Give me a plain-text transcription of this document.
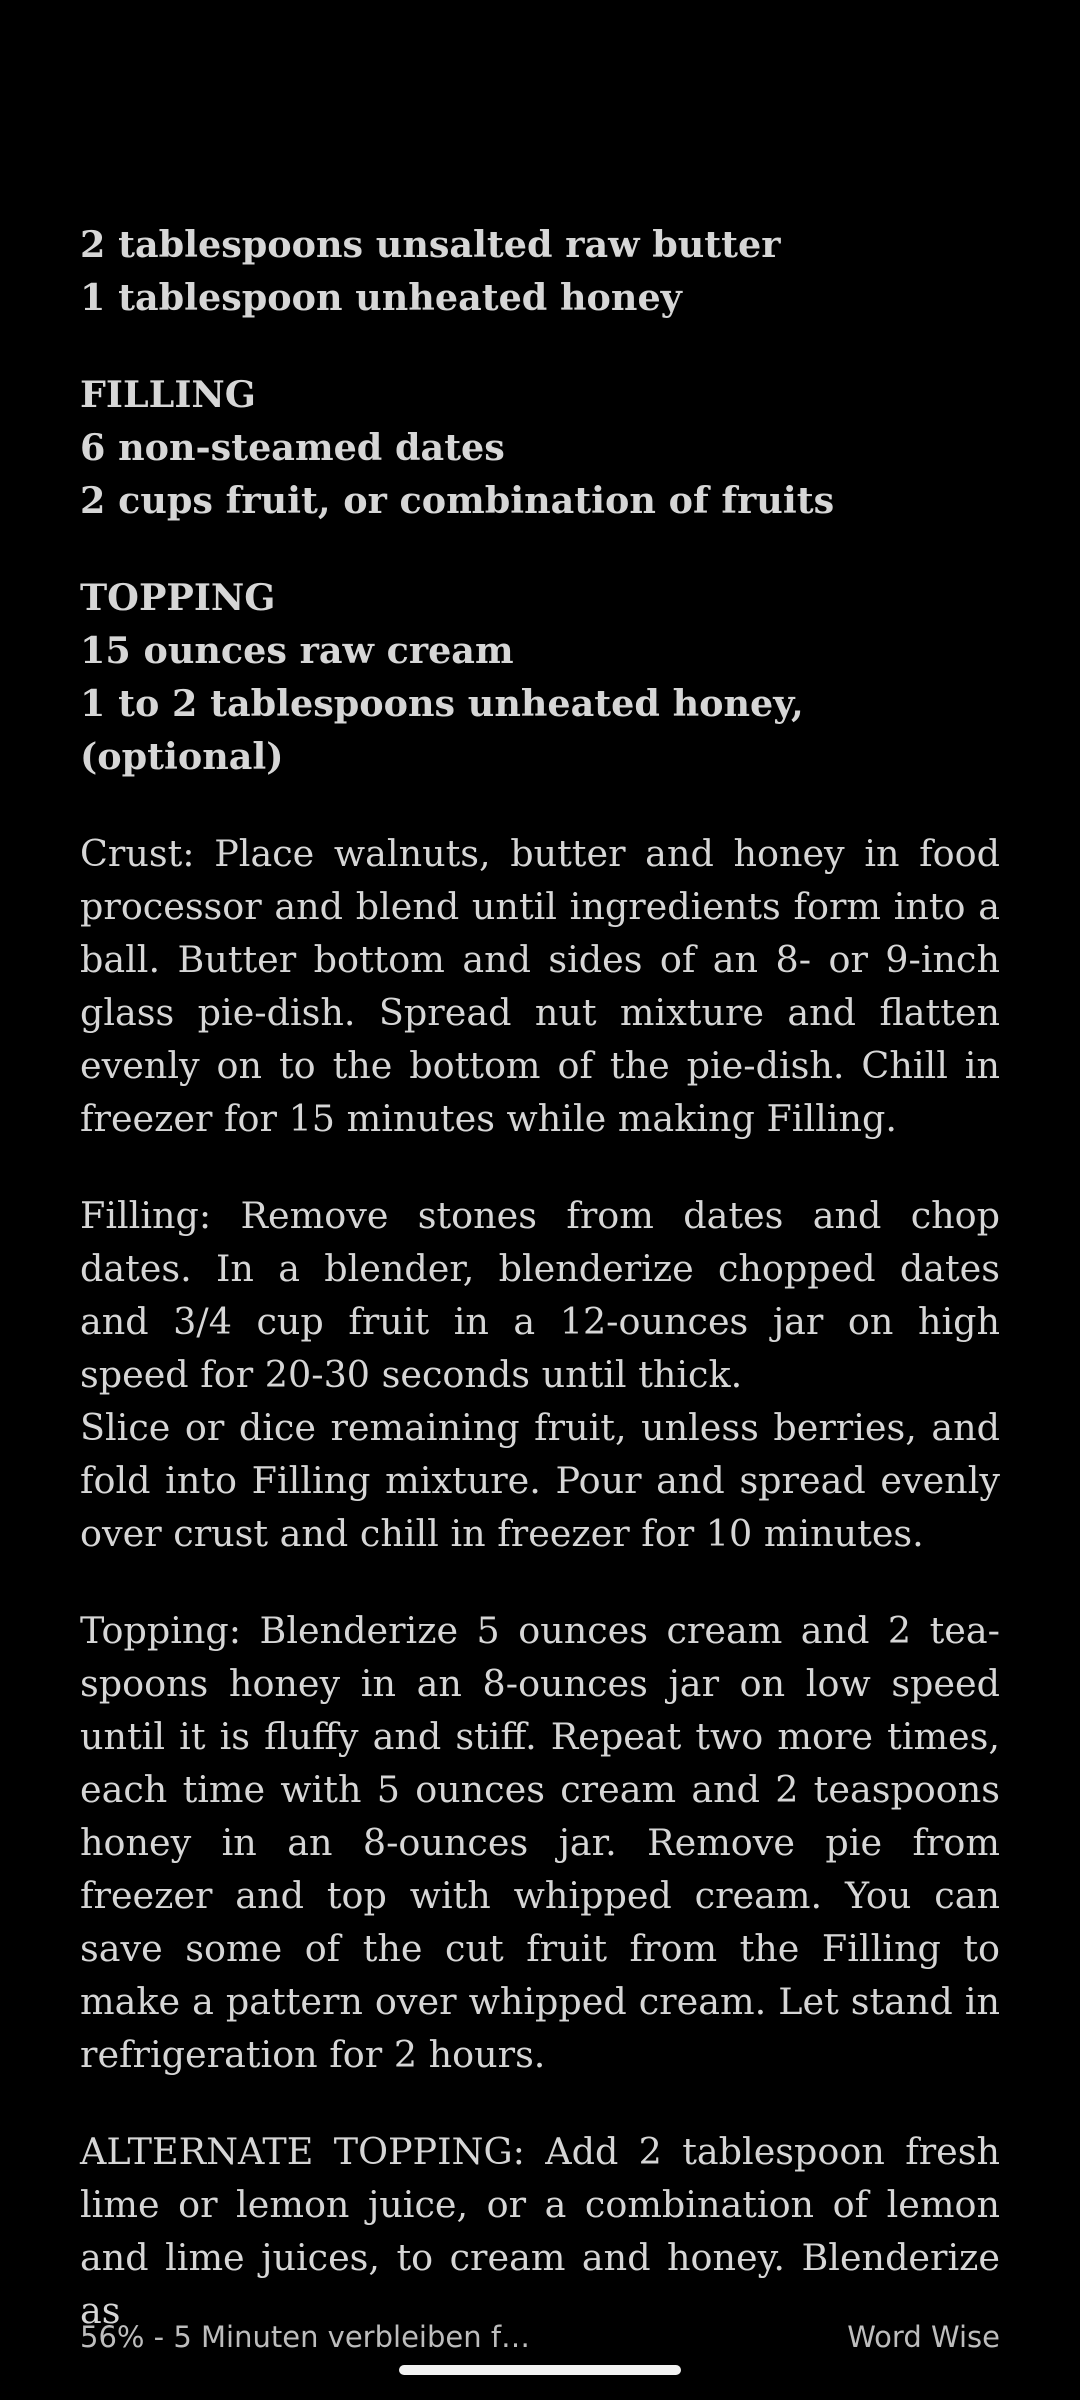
2 tablespoons unsalted raw butter
1 tablespoon unheated honey

FILLING
6 non-steamed dates
2 cups fruit, or combination of fruits

TOPPING
15 ounces raw cream
1 to 2 tablespoons unheated honey, (optional)

Crust: Place walnuts, butter and honey in food processor and blend until ingredients form into a ball. Butter bottom and sides of an 8- or 9-inch glass pie-dish. Spread nut mixture and flatten evenly on to the bottom of the pie-dish. Chill in freezer for 15 minutes while making Filling.

Filling: Remove stones from dates and chop dates. In a blender, blenderize chopped dates and 3/4 cup fruit in a 12-ounces jar on high speed for 20-30 seconds until thick.

Slice or dice remaining fruit, unless berries, and fold into Filling mixture. Pour and spread evenly over crust and chill in freezer for 10 minutes.

Topping: Blenderize 5 ounces cream and 2 teaspoons honey in an 8-ounces jar on low speed until it is fluffy and stiff. Repeat two more times, each time with 5 ounces cream and 2 teaspoons honey in an 8-ounces jar. Remove pie from freezer and top with whipped cream. You can save some of the cut fruit from the Filling to make a pattern over whipped cream. Let stand in refrigeration for 2 hours.

ALTERNATE TOPPING: Add 2 tablespoon fresh lime or lemon juice, or a combination of lemon and lime juices, to cream and honey. Blenderize as

56% - 5 Minuten verbleiben f…	Word Wise
